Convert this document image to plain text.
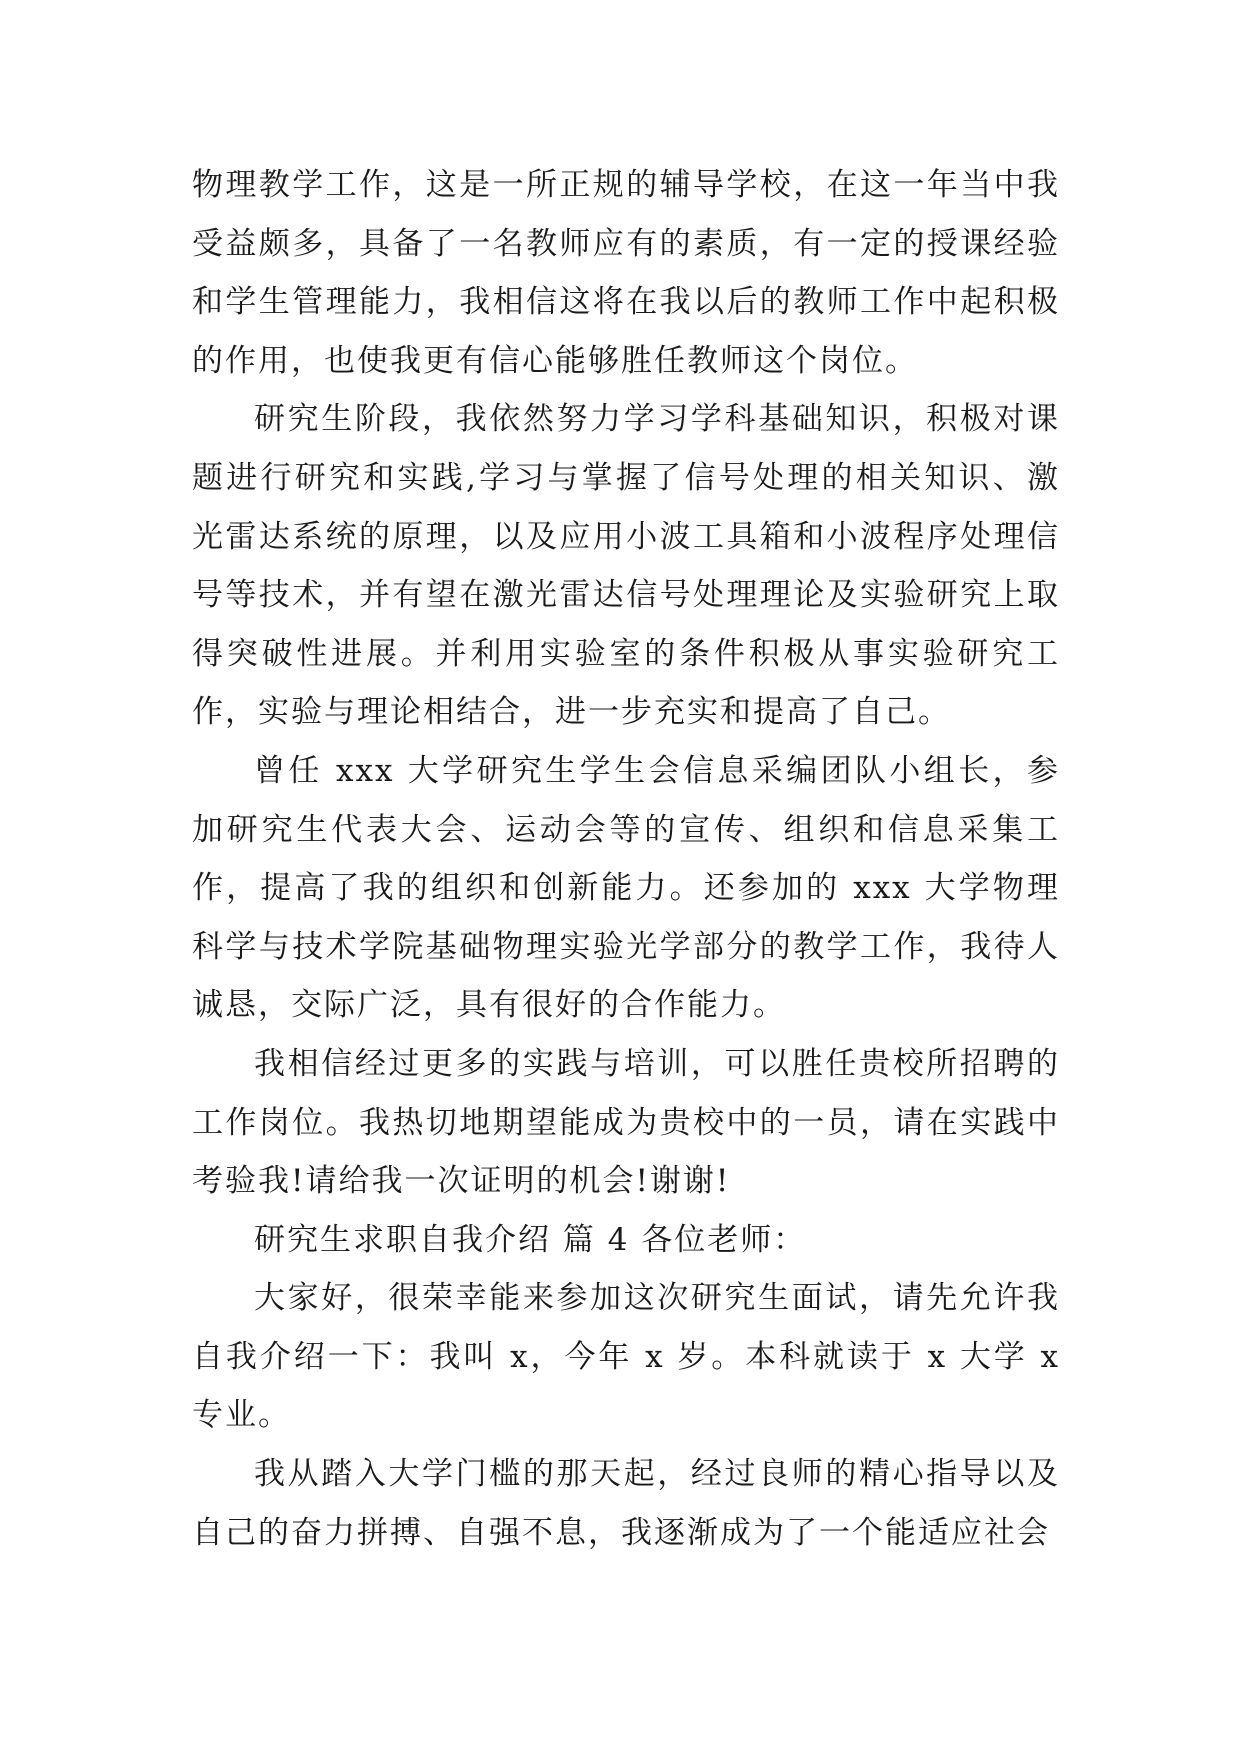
物理教学工作，这是一所正规的辅导学校，在这一年当中我受益颇多，具备了一名教师应有的素质，有一定的授课经验和学生管理能力，我相信这将在我以后的教师工作中起积极的作用，也使我更有信心能够胜任教师这个岗位。

研究生阶段，我依然努力学习学科基础知识，积极对课题进行研究和实践,学习与掌握了信号处理的相关知识、激光雷达系统的原理，以及应用小波工具箱和小波程序处理信号等技术，并有望在激光雷达信号处理理论及实验研究上取得突破性进展。并利用实验室的条件积极从事实验研究工作，实验与理论相结合，进一步充实和提高了自己。

曾任 xxx 大学研究生学生会信息采编团队小组长，参加研究生代表大会、运动会等的宣传、组织和信息采集工作，提高了我的组织和创新能力。还参加的 xxx 大学物理科学与技术学院基础物理实验光学部分的教学工作，我待人诚恳，交际广泛，具有很好的合作能力。

我相信经过更多的实践与培训，可以胜任贵校所招聘的工作岗位。我热切地期望能成为贵校中的一员，请在实践中考验我!请给我一次证明的机会!谢谢!

研究生求职自我介绍 篇 4 各位老师：

大家好，很荣幸能来参加这次研究生面试，请先允许我自我介绍一下：我叫 x，今年 x 岁。本科就读于 x 大学 x 专业。

我从踏入大学门槛的那天起，经过良师的精心指导以及自己的奋力拼搏、自强不息，我逐渐成为了一个能适应社会
